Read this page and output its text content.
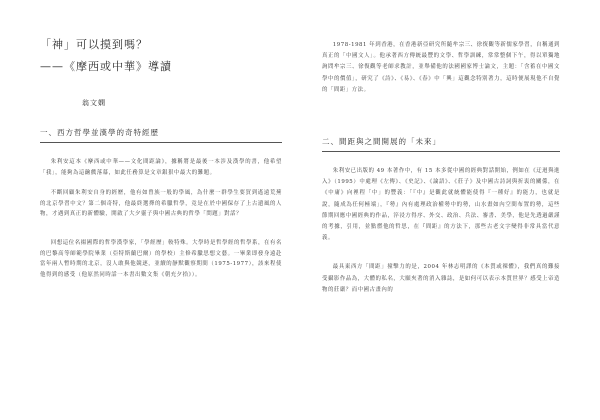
「神」可以摸到嗎？
——《摩西或中華》導讀
翁文嫻
一、西方哲學並漢學的奇特經歷

朱利安這本《摩西或中華——文化間距論》，據稱將是最後一本涉及漢學的書，他希望「我」，能夠為這齣戲落幕，如此任務算是文章銀狠中最大的難題。

不斷回顧朱利安自身的經歷，他有如曾族一般的學風，為什麼一群學生要買到遙遠荒蕪的北京學習中文？第二個奇特，他最終選擇的希臘哲學，竟是在於中國保存了上古遺風的人物，才遇到真正的新體驗，開啟了大夕靈子與中國古典的哲學「問題」對話？

回想這位名揚國際的哲學漢學家，「學經歷」較特殊。大學時是哲學經的哲學系，在有名的巴黎高等師範學院畢業（亞特斯蘭巴爾）的學校）主修希臘思想文藝。一畢業即發身遠赴當年兩人暫時期的北京，沒人敢與他競逐，並續的靜默觀察期間（1975-1977），該來程使他得到的感受（他原然同時話一本書出數文集《朝充夕拾》）。

1978-1981 年到香港，在香港新亞研究所隨牟宗三、徐復觀等新儒家學習，自稱通到真正的「中國文人」。他承著西方傳統最豐的文學、哲學訓練，常常整個下午，得以單獨地詢問牟宗三、徐復觀等老師求教計，並舉備他的法國國家博士論文，主題：「含蓄在中國文學中的價值」，研究了《詩》、《易》、《春》中「興」這觀念特別著力，這時便展現他不自覺的「間距」方法。

二、間距與之間開展的「未來」

朱利安已出版的 49 本著作中，有 15 本多從中國的經典對話開始，例如在《迂迴與進入》（1995）中處理《左傳》、《史記》、《論語》、《莊子》及中國古詩詞與折衷的關係，在《中庸》向裡程「中」的豐義：「『中』是觀此就統體能使得『一種好』的能力，也就是說，隨成為任何極端」，『勢』內有處理政治權勢中的勢，山水畫如內空間布置的勢，這些節期回應中國經典的作品，淬浸方得序、外交、政治、兵法、審書、美學，他是先透過嚴謹的考據，引用，並點燃他的哲思，在『間距』的方法下，那些古老文字變得非常具當代意義。

最具東西方「間距」撞擊力的是，2004 年林志明譯的《本質或裸體》，我們真的難接受攝影作品為，大體的私名，大願夾著的消入雜誌，是如何可以表示本質世界？感受上帝造物的莊嚴？而中國古畫內的
